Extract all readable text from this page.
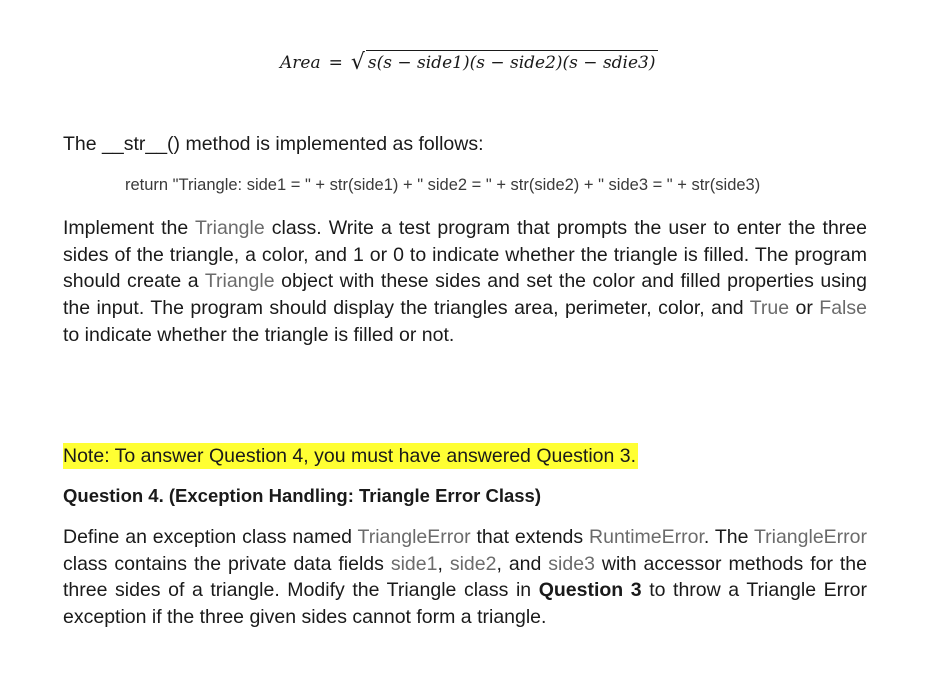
Area = √ s(s − side1)(s − side2)(s − sdie3)

The __str__() method is implemented as follows:

return "Triangle: side1 = " + str(side1) + " side2 = " + str(side2) + " side3 = " + str(side3)

Implement the Triangle class. Write a test program that prompts the user to enter the three sides of the triangle, a color, and 1 or 0 to indicate whether the triangle is filled. The program should create a Triangle object with these sides and set the color and filled properties using the input. The program should display the triangles area, perimeter, color, and True or False to indicate whether the triangle is filled or not.

Note: To answer Question 4, you must have answered Question 3.
Question 4. (Exception Handling: Triangle Error Class)

Define an exception class named TriangleError that extends RuntimeError. The TriangleError class contains the private data fields side1, side2, and side3 with accessor methods for the three sides of a triangle. Modify the Triangle class in Question 3 to throw a Triangle Error exception if the three given sides cannot form a triangle.
